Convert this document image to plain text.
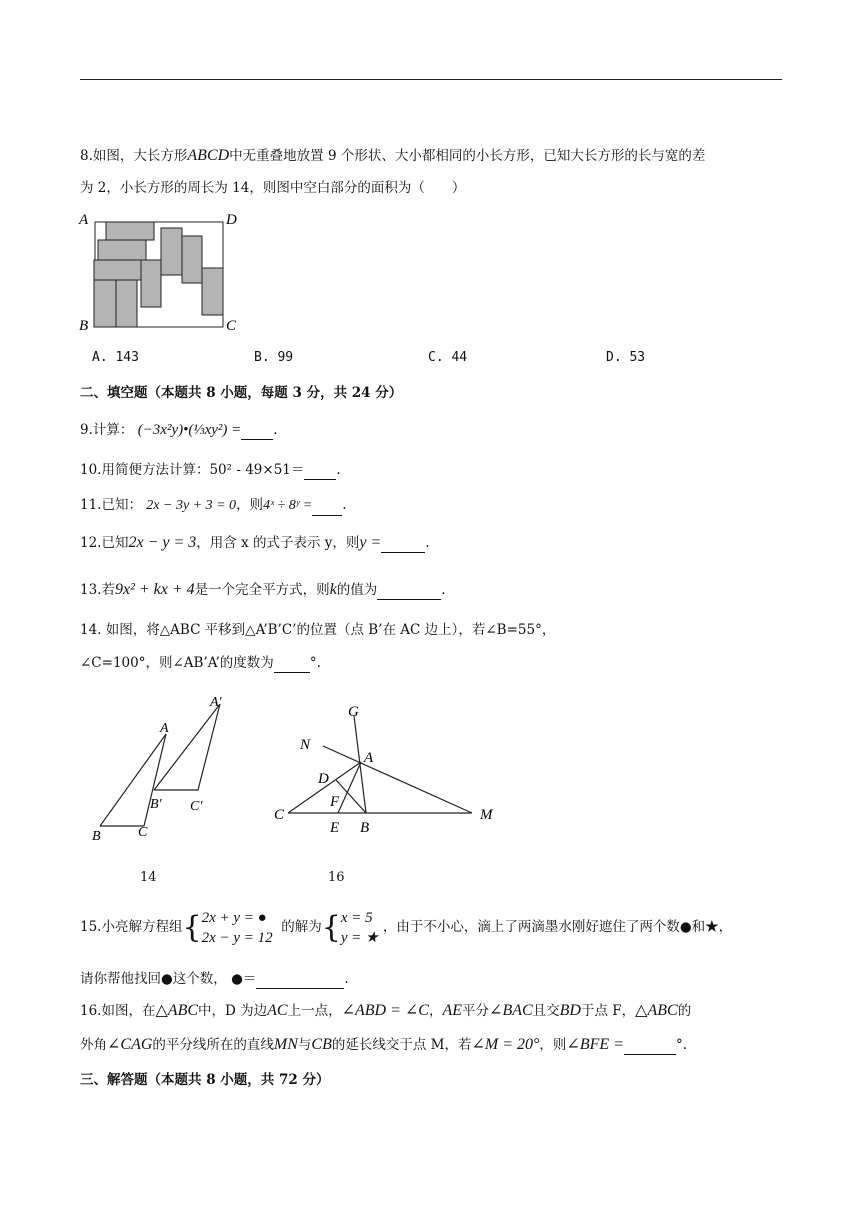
8.如图，大长方形ABCD中无重叠地放置 9 个形状、大小都相同的小长方形，已知大长方形的长与宽的差
为 2，小长方形的周长为 14，则图中空白部分的面积为（　　）
A	D
B	C
A. 143	B. 99	C. 44	D. 53
二、填空题（本题共 8 小题，每题 3 分，共 24 分）
9.计算： (−3x²y)•(⅓xy²) = .
10.用简便方法计算：50² - 49×51＝ .
11.已知： 2x − 3y + 3 = 0，则4ˣ ÷ 8ʸ = .
12.已知2x − y = 3，用含 x 的式子表示 y，则y =	.
13.若9x² + kx + 4是一个完全平方式，则k的值为	.
14. 如图，将△ABC 平移到△A’B’C’的位置（点 B’在 AC 边上），若∠B=55°，
∠C=100°，则∠AB’A’的度数为	°.
A
B	C
A′
B′ C′
14
G
N
A
D
F
C
E B
M
16
15.小亮解方程组{2x + y = ●
2x − y = 12  的解为{x = 5
y = ★ ，由于不小心，滴上了两滴墨水刚好遮住了两个数●和★，
请你帮他找回●这个数， ●＝	.
16.如图，在△ABC中，D 为边AC上一点，∠ABD = ∠C，AE平分∠BAC且交BD于点 F，△ABC的
外角∠CAG的平分线所在的直线MN与CB的延长线交于点 M，若∠M = 20°，则∠BFE =	°.
三、解答题（本题共 8 小题，共 72 分）
